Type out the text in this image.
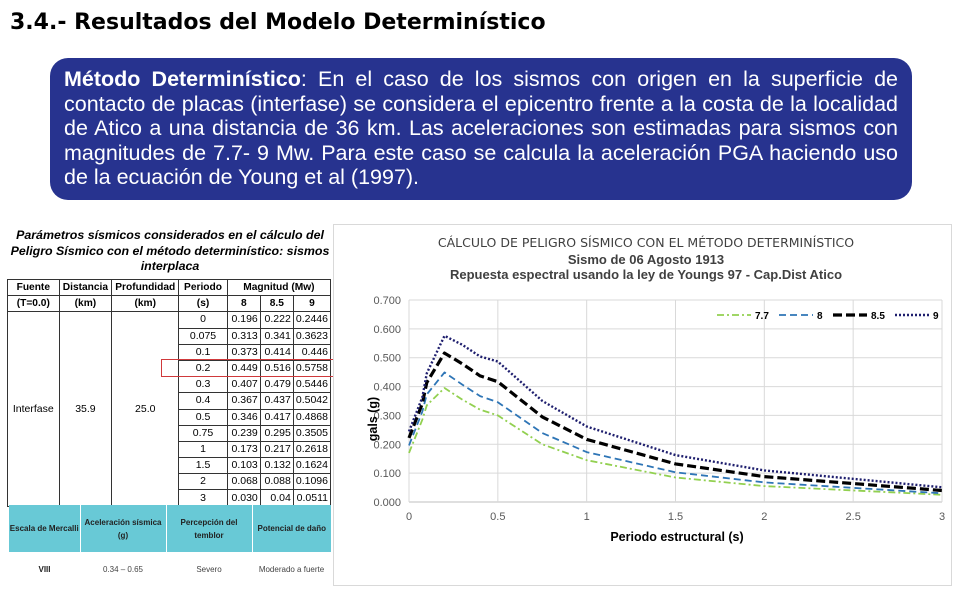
3.4.- Resultados del Modelo Determinístico
Método Determinístico: En el caso de los sismos con origen en la superficie de contacto de placas (interfase) se considera el epicentro frente a la costa de la localidad de Atico a una distancia de 36 km. Las aceleraciones son estimadas para sismos con magnitudes de 7.7- 9 Mw. Para este caso se calcula la aceleración PGA haciendo uso de la ecuación de Young et al (1997).
Parámetros sísmicos considerados en el cálculo del Peligro Sísmico con el método determinístico: sismos interplaca
Fuente	Distancia	Profundidad	Periodo	Magnitud (Mw)		
(T=0.0)	(km)	(km)	(s)	8	8.5	9
Interfase	35.9	25.0	0	0.196	0.222	0.2446
			0.075	0.313	0.341	0.3623
			0.1	0.373	0.414	0.446
			0.2	0.449	0.516	0.5758
			0.3	0.407	0.479	0.5446
			0.4	0.367	0.437	0.5042
			0.5	0.346	0.417	0.4868
			0.75	0.239	0.295	0.3505
			1	0.173	0.217	0.2618
			1.5	0.103	0.132	0.1624
			2	0.068	0.088	0.1096
			3	0.030	0.04	0.0511
Escala de Mercalli	Aceleración sísmica (g)	Percepción del temblor	Potencial de daño
VIII	0.34 – 0.65	Severo	Moderado a fuerte
CÁLCULO DE PELIGRO SÍSMICO CON EL MÉTODO DETERMINÍSTICO
Sismo de 06 Agosto 1913
Repuesta espectral usando la ley de Youngs 97 - Cap.Dist Atico
0.000
0.100
0.200
0.300
0.400
0.500
0.600
0.700
0	0.5	1	1.5	2	2.5	3
7.7	8	8.5	9
gals (g)
Periodo estructural (s)
